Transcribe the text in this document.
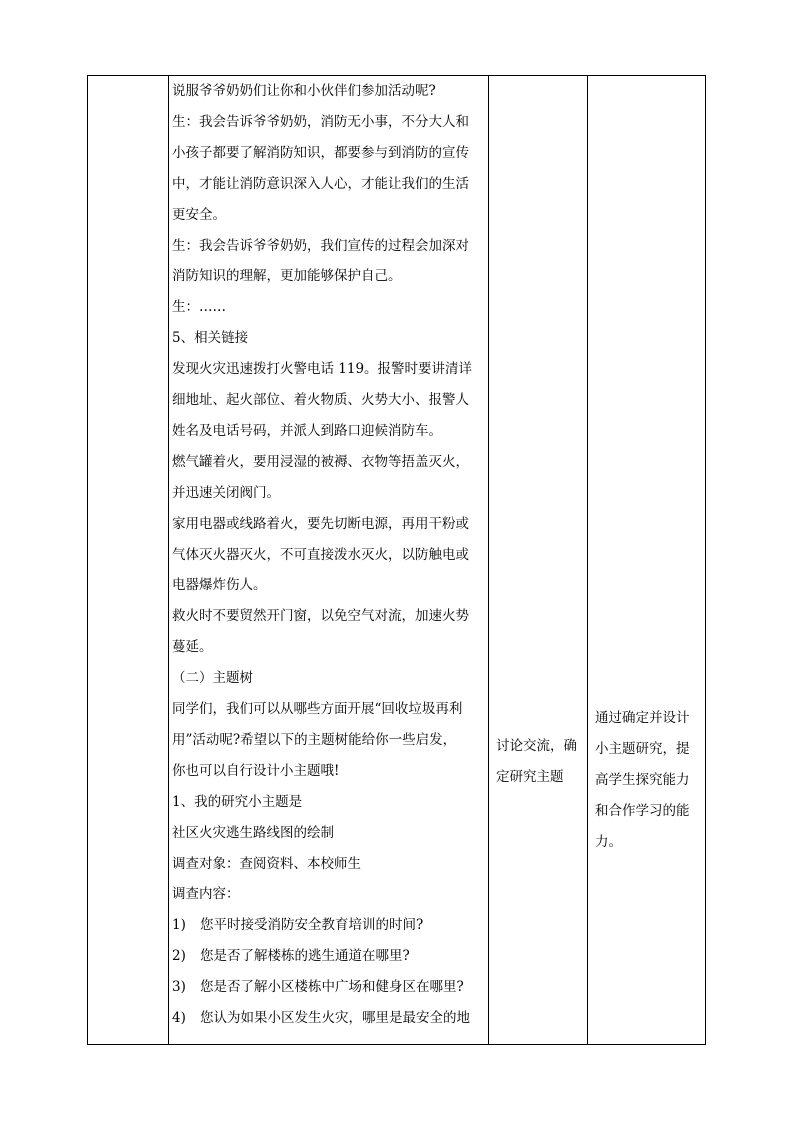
说服爷爷奶奶们让你和小伙伴们参加活动呢?
生：我会告诉爷爷奶奶，消防无小事，不分大人和
小孩子都要了解消防知识，都要参与到消防的宣传
中，才能让消防意识深入人心，才能让我们的生活
更安全。
生：我会告诉爷爷奶奶，我们宣传的过程会加深对
消防知识的理解，更加能够保护自己。
生：……
5、相关链接
发现火灾迅速拨打火警电话 119。报警时要讲清详
细地址、起火部位、着火物质、火势大小、报警人
姓名及电话号码，并派人到路口迎候消防车。
燃气罐着火，要用浸湿的被褥、衣物等捂盖灭火，
并迅速关闭阀门。
家用电器或线路着火，要先切断电源，再用干粉或
气体灭火器灭火，不可直接泼水灭火，以防触电或
电器爆炸伤人。
救火时不要贸然开门窗，以免空气对流，加速火势
蔓延。
（二）主题树
同学们，我们可以从哪些方面开展“回收垃圾再利
用”活动呢?希望以下的主题树能给你一些启发，
你也可以自行设计小主题哦!
1、我的研究小主题是
社区火灾逃生路线图的绘制
调查对象：查阅资料、本校师生
调查内容：
1) 您平时接受消防安全教育培训的时间?
2) 您是否了解楼栋的逃生通道在哪里?
3) 您是否了解小区楼栋中广场和健身区在哪里?
4) 您认为如果小区发生火灾，哪里是最安全的地
讨论交流，确
定研究主题
通过确定并设计
小主题研究，提
高学生探究能力
和合作学习的能
力。
